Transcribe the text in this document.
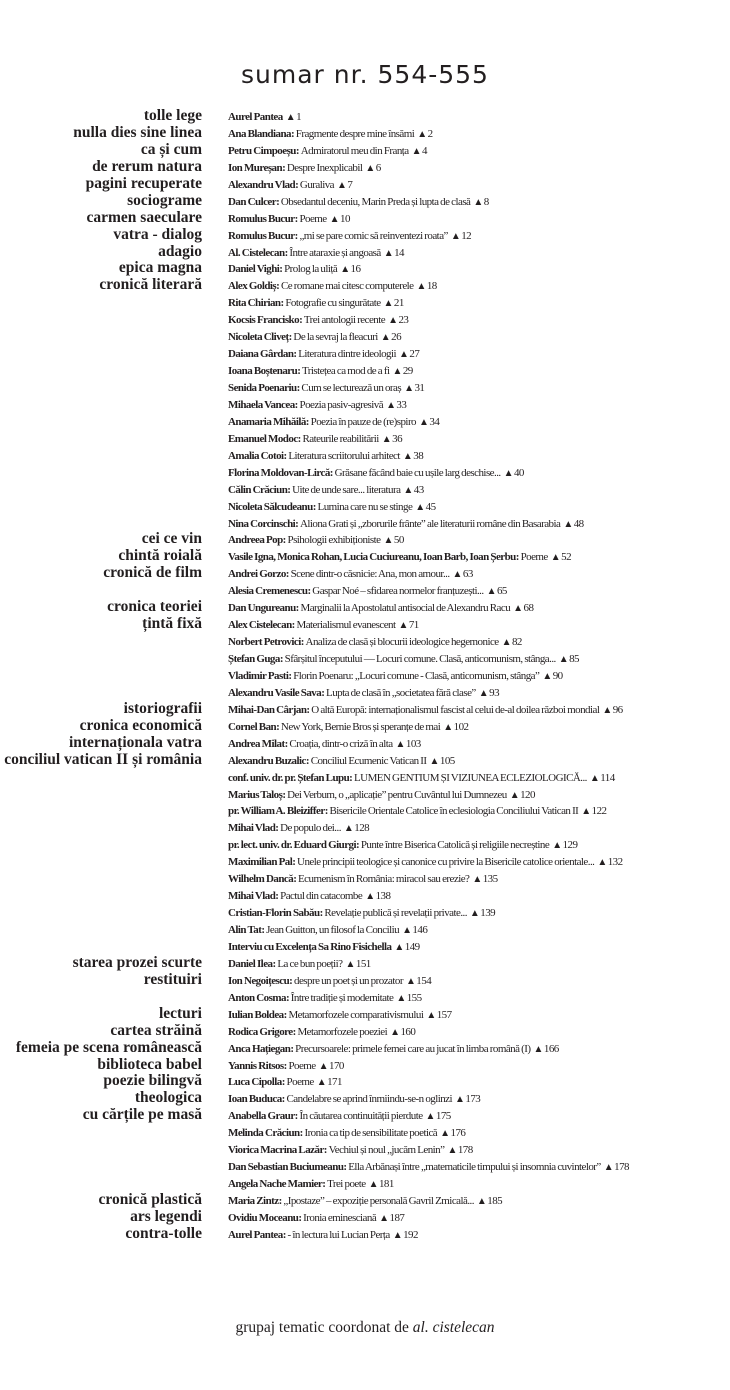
sumar nr. 554-555
tolle lege Aurel Pantea ▲1
nulla dies sine linea Ana Blandiana: Fragmente despre mine însămi ▲2
ca și cum Petru Cimpoeșu: Admiratorul meu din Franța ▲4
de rerum natura Ion Mureșan: Despre Inexplicabil ▲6
pagini recuperate Alexandru Vlad: Guraliva ▲7
sociograme Dan Culcer: Obsedantul deceniu, Marin Preda și lupta de clasă ▲8
carmen saeculare Romulus Bucur: Poeme ▲10
vatra - dialog Romulus Bucur: „mi se pare comic să reinventezi roata” ▲12
adagio Al. Cistelecan: Între ataraxie și angoasă ▲14
epica magna Daniel Vighi: Prolog la uliță ▲16
cronică literară Alex Goldiș: Ce romane mai citesc computerele ▲18
Rita Chirian: Fotografie cu singurătate ▲21
Kocsis Francisko: Trei antologii recente ▲23
Nicoleta Cliveț: De la sevraj la fleacuri ▲26
Daiana Gârdan: Literatura dintre ideologii ▲27
Ioana Boștenaru: Tristețea ca mod de a fi ▲29
Senida Poenariu: Cum se lecturează un oraș ▲31
Mihaela Vancea: Poezia pasiv-agresivă ▲33
Anamaria Mihăilă: Poezia în pauze de (re)spiro ▲34
Emanuel Modoc: Rateurile reabilitării ▲36
Amalia Cotoi: Literatura scriitorului arhitect ▲38
Florina Moldovan-Lircă: Grăsane făcând baie cu ușile larg deschise... ▲40
Călin Crăciun: Uite de unde sare... literatura ▲43
Nicoleta Sălcudeanu: Lumina care nu se stinge ▲45
Nina Corcinschi: Aliona Grati și „zborurile frânte” ale literaturii române din Basarabia ▲48
cei ce vin Andreea Pop: Psihologii exhibiționiste ▲50
chintă roială Vasile Igna, Monica Rohan, Lucia Cuciureanu, Ioan Barb, Ioan Șerbu: Poeme ▲52
cronică de film Andrei Gorzo: Scene dintr-o căsnicie: Ana, mon amour... ▲63
Alesia Cremenescu: Gaspar Noé – sfidarea normelor franțuzești... ▲65
cronica teoriei Dan Ungureanu: Marginalii la Apostolatul antisocial de Alexandru Racu ▲68
țintă fixă Alex Cistelecan: Materialismul evanescent ▲71
Norbert Petrovici: Analiza de clasă și blocurii ideologice hegemonice ▲82
Ștefan Guga: Sfârșitul începutului — Locuri comune. Clasă, anticomunism, stânga... ▲85
Vladimir Pasti: Florin Poenaru: „Locuri comune - Clasă, anticomunism, stânga” ▲90
Alexandru Vasile Sava: Lupta de clasă în „societatea fără clase” ▲93
istoriografii Mihai-Dan Cârjan: O altă Europă: internaționalismul fascist al celui de-al doilea război mondial ▲96
cronica economică Cornel Ban: New York, Bernie Bros și speranțe de mai ▲102
internaționala vatra Andrea Milat: Croația, dintr-o criză în alta ▲103
conciliul vatican II și românia Alexandru Buzalic: Conciliul Ecumenic Vatican II ▲105
conf. univ. dr. pr. Ștefan Lupu: LUMEN GENTIUM ȘI VIZIUNEA ECLEZIOLOGICĂ... ▲114
Marius Taloș: Dei Verbum, o „aplicație” pentru Cuvântul lui Dumnezeu ▲120
pr. William A. Bleiziffer: Bisericile Orientale Catolice în eclesiologia Conciliului Vatican II ▲122
Mihai Vlad: De populo dei... ▲128
pr. lect. univ. dr. Eduard Giurgi: Punte între Biserica Catolică și religiile necreștine ▲129
Maximilian Pal: Unele principii teologice și canonice cu privire la Bisericile catolice orientale... ▲132
Wilhelm Dancă: Ecumenism în România: miracol sau erezie? ▲135
Mihai Vlad: Pactul din catacombe ▲138
Cristian-Florin Sabău: Revelație publică și revelații private... ▲139
Alin Tat: Jean Guitton, un filosof la Conciliu ▲146
Interviu cu Excelența Sa Rino Fisichella ▲149
starea prozei scurte Daniel Ilea: La ce bun poeții? ▲151
restituiri Ion Negoițescu: despre un poet și un prozator ▲154
Anton Cosma: Între tradiție și modernitate ▲155
lecturi Iulian Boldea: Metamorfozele comparativismului ▲157
cartea străină Rodica Grigore: Metamorfozele poeziei ▲160
femeia pe scena românească Anca Hațiegan: Precursoarele: primele femei care au jucat în limba română (I) ▲166
biblioteca babel Yannis Ritsos: Poeme ▲170
poezie bilingvă Luca Cipolla: Poeme ▲171
theologica Ioan Buduca: Candelabre se aprind înmiindu-se-n oglinzi ▲173
cu cărțile pe masă Anabella Graur: În căutarea continuității pierdute ▲175
Melinda Crăciun: Ironia ca tip de sensibilitate poetică ▲176
Viorica Macrina Lazăr: Vechiul și noul „jucăm Lenin” ▲178
Dan Sebastian Buciumeanu: Ella Arbănași între „matematicile timpului și insomnia cuvintelor” ▲178
Angela Nache Mamier: Trei poete ▲181
cronică plastică Maria Zintz: „Ipostaze” – expoziție personală Gavril Zmicală... ▲185
ars legendi Ovidiu Moceanu: Ironia eminesciană ▲187
contra-tolle Aurel Pantea: - în lectura lui Lucian Perța ▲192
grupaj tematic coordonat de al. cistelecan
